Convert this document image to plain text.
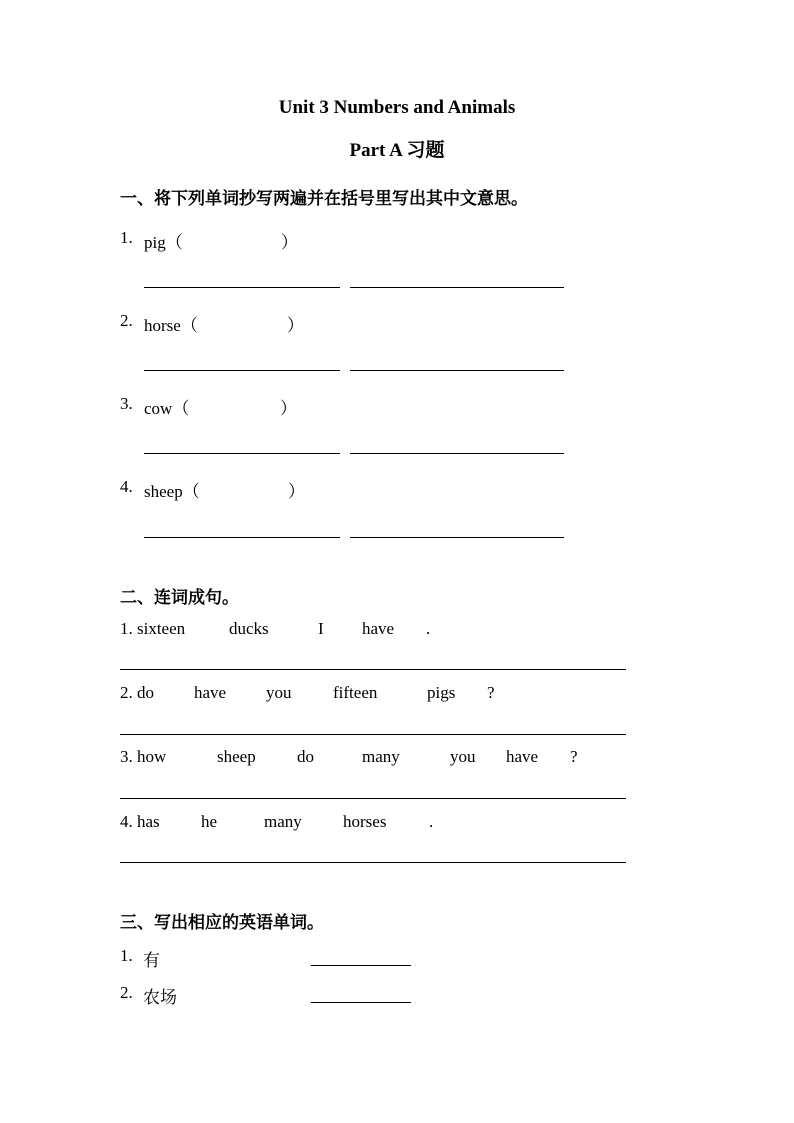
Unit 3 Numbers and Animals
Part A 习题
一、将下列单词抄写两遍并在括号里写出其中文意思。
1. pig（	）
2. horse（	）
3. cow（	）
4. sheep（	）
二、连词成句。
1. sixteen	ducks	I have .
2. do have you fifteen	pigs ?
3. how	sheep do	many	you have ?
4. has he	many horses	.
三、写出相应的英语单词。
1. 有
2. 农场
